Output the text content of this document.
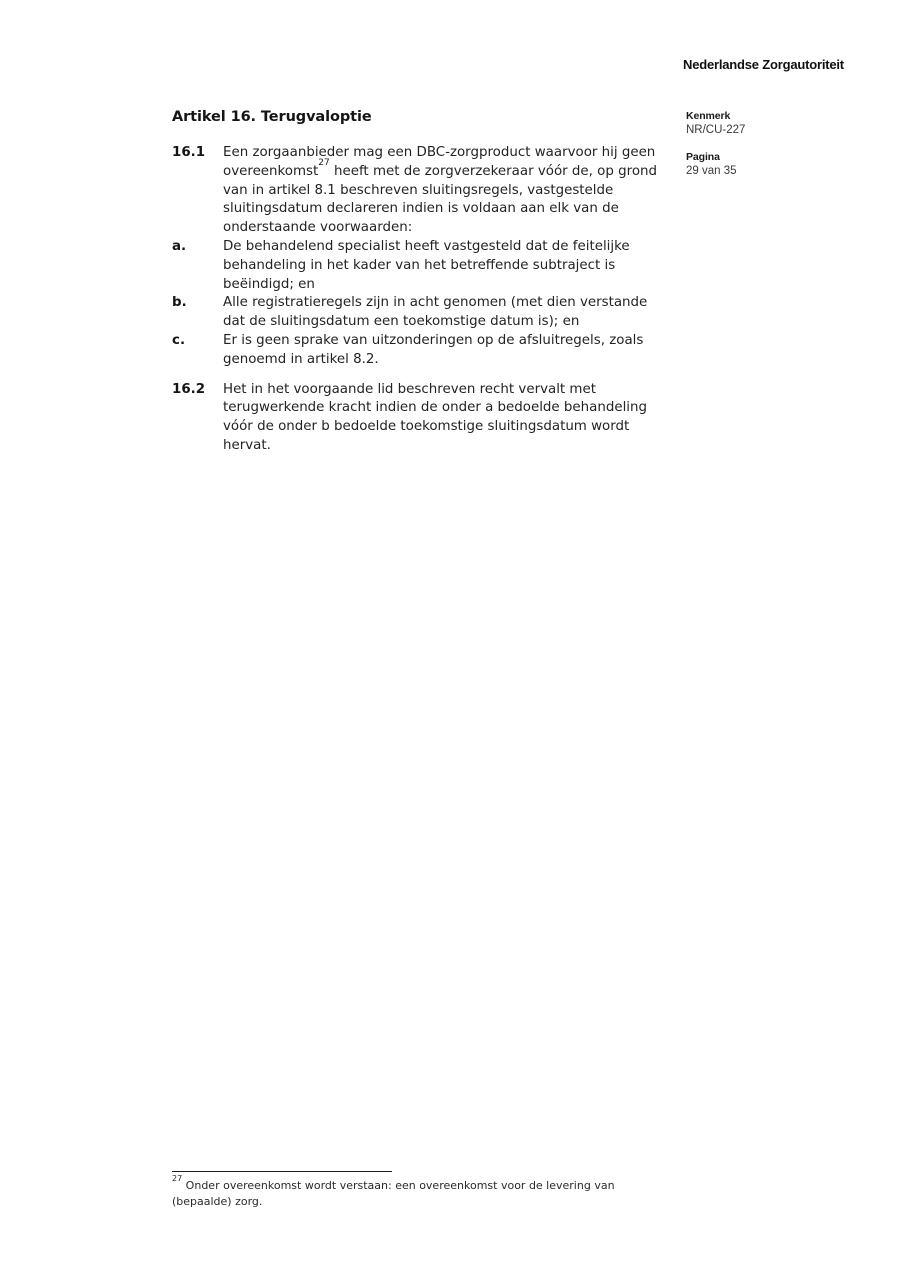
Nederlandse Zorgautoriteit
Kenmerk
NR/CU-227
Pagina
29 van 35
Artikel 16. Terugvaloptie
16.1	Een zorgaanbieder mag een DBC-zorgproduct waarvoor hij geen overeenkomst$^{27}$ heeft met de zorgverzekeraar vóór de, op grond van in artikel 8.1 beschreven sluitingsregels, vastgestelde sluitingsdatum declareren indien is voldaan aan elk van de onderstaande voorwaarden:
a.	De behandelend specialist heeft vastgesteld dat de feitelijke behandeling in het kader van het betreffende subtraject is beëindigd; en
b.	Alle registratieregels zijn in acht genomen (met dien verstande dat de sluitingsdatum een toekomstige datum is); en
c.	Er is geen sprake van uitzonderingen op de afsluitregels, zoals genoemd in artikel 8.2.
16.2	Het in het voorgaande lid beschreven recht vervalt met terugwerkende kracht indien de onder a bedoelde behandeling vóór de onder b bedoelde toekomstige sluitingsdatum wordt hervat.
$^{27}$ Onder overeenkomst wordt verstaan: een overeenkomst voor de levering van (bepaalde) zorg.
